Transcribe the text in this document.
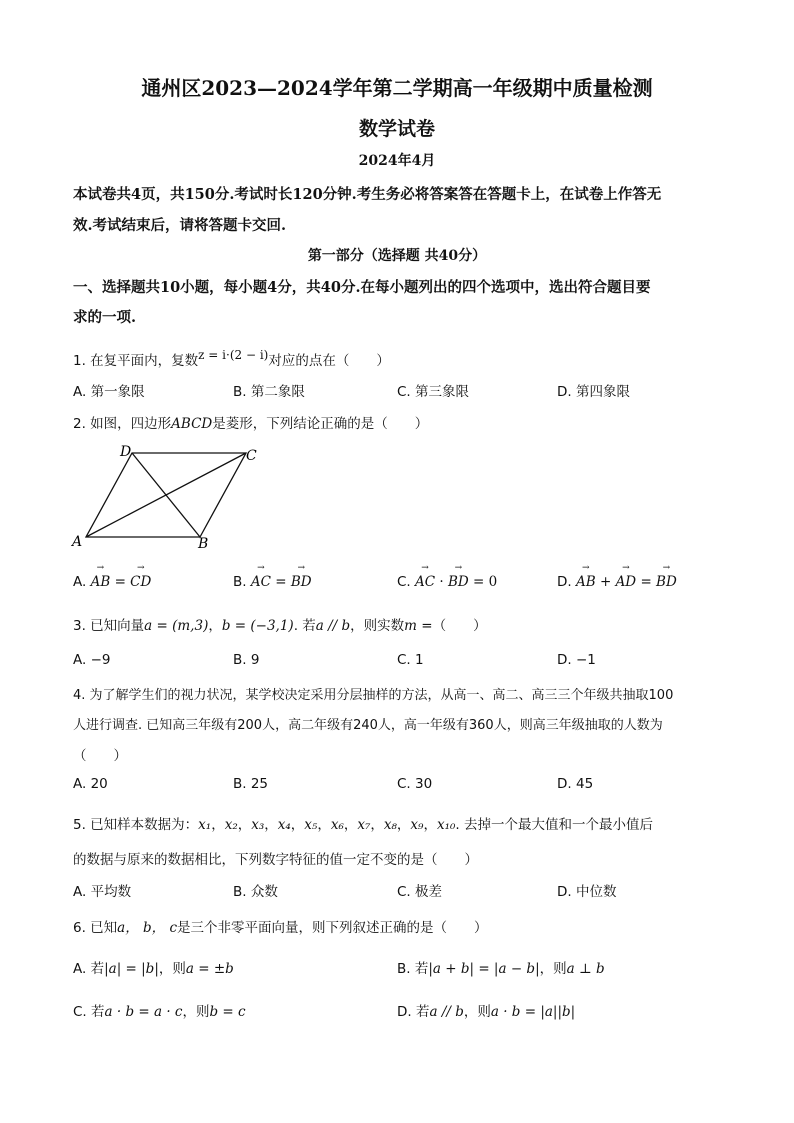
通州区2023—2024学年第二学期高一年级期中质量检测
数学试卷
2024年4月
本试卷共4页，共150分.考试时长120分钟.考生务必将答案答在答题卡上，在试卷上作答无
效.考试结束后，请将答题卡交回.
第一部分（选择题 共40分）
一、选择题共10小题，每小题4分，共40分.在每小题列出的四个选项中，选出符合题目要
求的一项.
1. 在复平面内，复数z = i·(2 − i)对应的点在（　　）
A. 第一象限	B. 第二象限	C. 第三象限	D. 第四象限
2. 如图，四边形ABCD是菱形，下列结论正确的是（　　）
A	B
C
D
A. → AB = → CD	B. → AC = → BD	C. → AC · → BD = 0	D. → AB + → AD = → BD
3. 已知向量a = (m,3)，b = (−3,1). 若a // b，则实数m =（　　）
A. −9	B. 9	C. 1	D. −1
4. 为了解学生们的视力状况，某学校决定采用分层抽样的方法，从高一、高二、高三三个年级共抽取100
人进行调查. 已知高三年级有200人，高二年级有240人，高一年级有360人，则高三年级抽取的人数为
（　　）
A. 20	B. 25	C. 30	D. 45
5. 已知样本数据为：x₁，x₂，x₃，x₄，x₅，x₆，x₇，x₈，x₉，x₁₀. 去掉一个最大值和一个最小值后
的数据与原来的数据相比，下列数字特征的值一定不变的是（　　）
A. 平均数	B. 众数	C. 极差	D. 中位数
6. 已知a， b， c是三个非零平面向量，则下列叙述正确的是（　　）
A. 若|a| = |b|，则a = ±b	B. 若|a + b| = |a − b|，则a ⊥ b
C. 若a · b = a · c，则b = c	D. 若a // b，则a · b = |a||b|
